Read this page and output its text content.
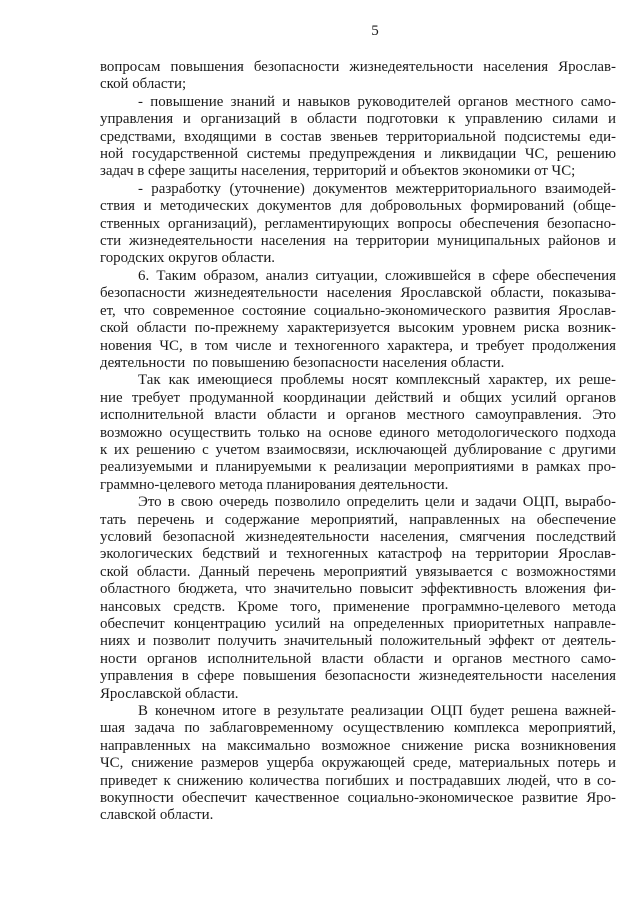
5
вопросам повышения безопасности жизнедеятельности населения Ярослав-
ской области;
- повышение знаний и навыков руководителей органов местного само-
управления и организаций в области подготовки к управлению силами и
средствами, входящими в состав звеньев территориальной подсистемы еди-
ной государственной системы предупреждения и ликвидации ЧС, решению
задач в сфере защиты населения, территорий и объектов экономики от ЧС;
- разработку (уточнение) документов межтерриториального взаимодей-
ствия и методических документов для добровольных формирований (обще-
ственных организаций), регламентирующих вопросы обеспечения безопасно-
сти жизнедеятельности населения на территории муниципальных районов и
городских округов области.
6. Таким образом, анализ ситуации, сложившейся в сфере обеспечения
безопасности жизнедеятельности населения Ярославской области, показыва-
ет, что современное состояние социально-экономического развития Ярослав-
ской области по-прежнему характеризуется высоким уровнем риска возник-
новения ЧС, в том числе и техногенного характера, и требует продолжения
деятельности  по повышению безопасности населения области.
Так как имеющиеся проблемы носят комплексный характер, их реше-
ние требует продуманной координации действий и общих усилий органов
исполнительной власти области и органов местного самоуправления. Это
возможно осуществить только на основе единого методологического подхода
к их решению с учетом взаимосвязи, исключающей дублирование с другими
реализуемыми и планируемыми к реализации мероприятиями в рамках про-
граммно-целевого метода планирования деятельности.
Это в свою очередь позволило определить цели и задачи ОЦП, вырабо-
тать перечень и содержание мероприятий, направленных на обеспечение
условий безопасной жизнедеятельности населения, смягчения последствий
экологических бедствий и техногенных катастроф на территории Ярослав-
ской области. Данный перечень мероприятий увязывается с возможностями
областного бюджета, что значительно повысит эффективность вложения фи-
нансовых средств. Кроме того, применение программно-целевого метода
обеспечит концентрацию усилий на определенных приоритетных направле-
ниях и позволит получить значительный положительный эффект от деятель-
ности органов исполнительной власти области и органов местного само-
управления в сфере повышения безопасности жизнедеятельности населения
Ярославской области.
В конечном итоге в результате реализации ОЦП будет решена важней-
шая задача по заблаговременному осуществлению комплекса мероприятий,
направленных на максимально возможное снижение риска возникновения
ЧС, снижение размеров ущерба окружающей среде, материальных потерь и
приведет к снижению количества погибших и пострадавших людей, что в со-
вокупности обеспечит качественное социально-экономическое развитие Яро-
славской области.
